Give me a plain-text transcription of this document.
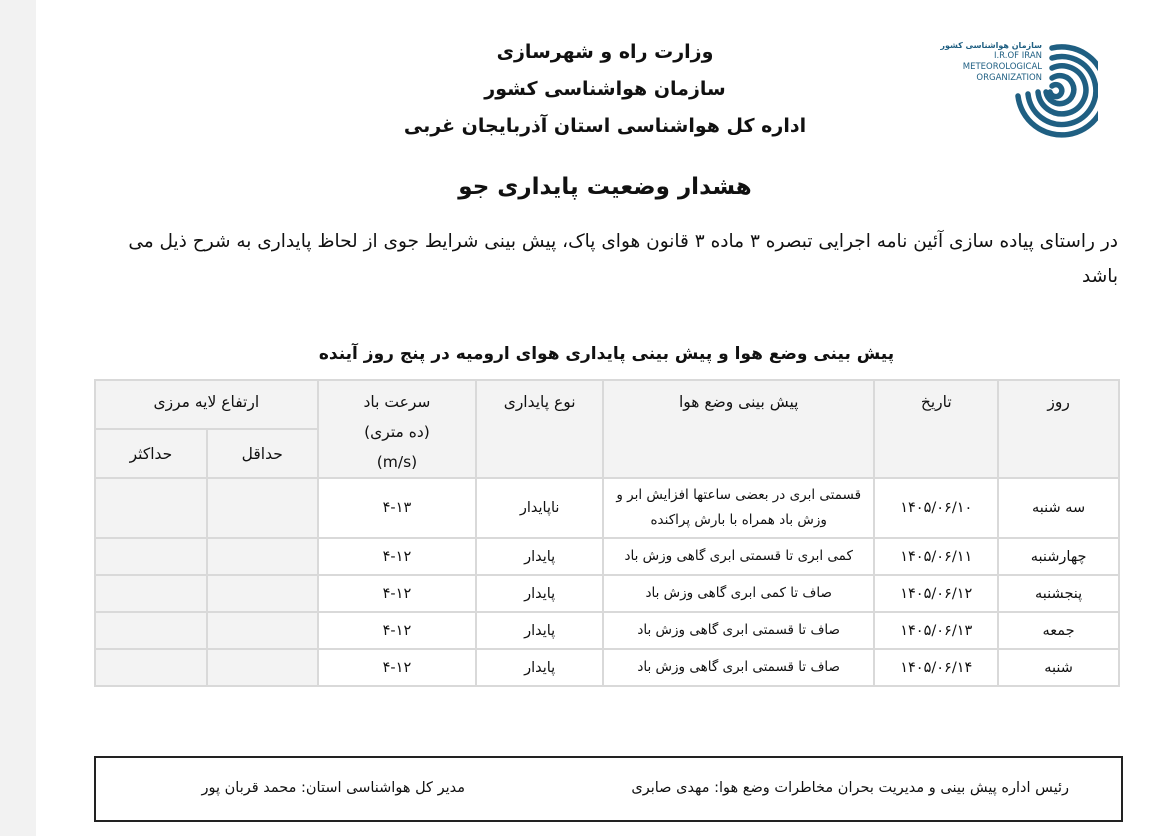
سازمان هواشناسی کشور
I.R.OF IRAN
METEOROLOGICAL
ORGANIZATION
وزارت راه و شهرسازی
سازمان هواشناسی کشور
اداره کل هواشناسی استان آذربایجان غربی
هشدار وضعیت پایداری جو
در راستای پیاده سازی آئین نامه اجرایی تبصره ۳ ماده ۳ قانون هوای پاک، پیش بینی شرایط جوی از لحاظ پایداری به شرح ذیل می باشد
پیش بینی وضع هوا و پیش بینی پایداری هوای ارومیه در پنج روز آینده
روز	تاریخ	پیش بینی وضع هوا	نوع پایداری	سرعت باد
(ده متری)
(m/s)	ارتفاع لایه مرزی	
					حداقل	حداکثر
سه شنبه	۱۴۰۵/۰۶/۱۰	قسمتی ابری در بعضی ساعتها افزایش ابر و
وزش باد همراه با بارش پراکنده	ناپایدار	۴-۱۳		
چهارشنبه	۱۴۰۵/۰۶/۱۱	کمی ابری تا قسمتی ابری گاهی وزش باد	پایدار	۴-۱۲		
پنجشنبه	۱۴۰۵/۰۶/۱۲	صاف تا کمی ابری گاهی وزش باد	پایدار	۴-۱۲		
جمعه	۱۴۰۵/۰۶/۱۳	صاف تا قسمتی ابری گاهی وزش باد	پایدار	۴-۱۲		
شنبه	۱۴۰۵/۰۶/۱۴	صاف تا قسمتی ابری گاهی وزش باد	پایدار	۴-۱۲		
رئیس اداره پیش بینی و مدیریت بحران مخاطرات وضع هوا: مهدی صابری
مدیر کل هواشناسی استان: محمد قربان پور
